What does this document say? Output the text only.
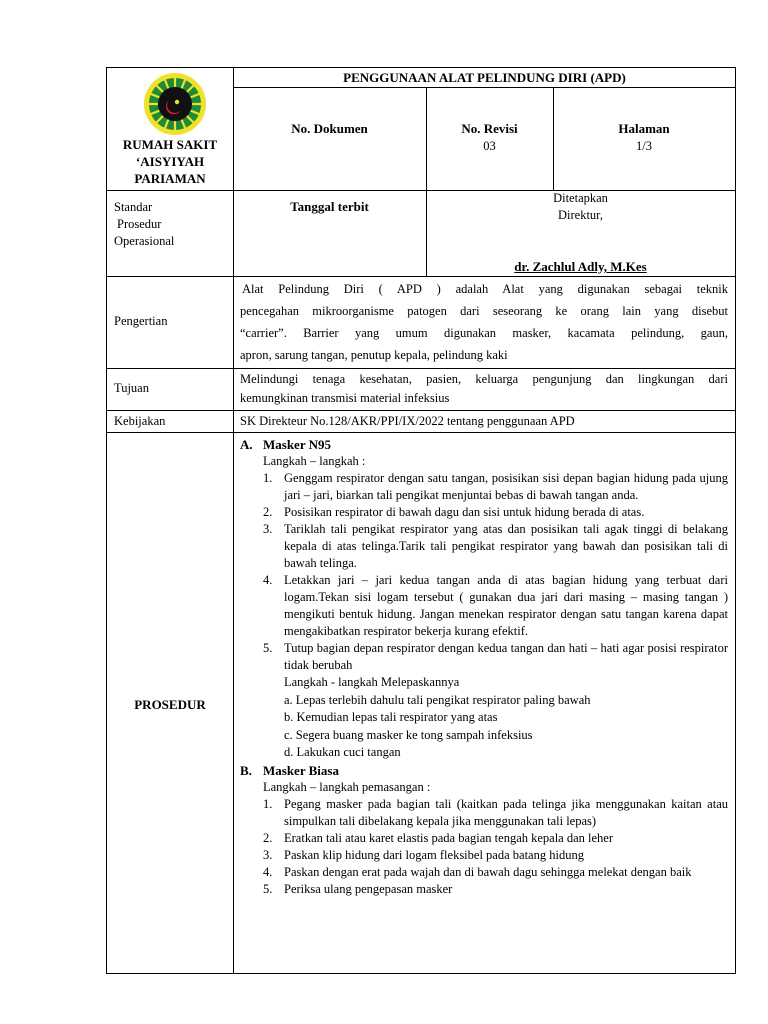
RUMAH SAKIT
‘AISYIYAH
PARIAMAN
PENGGUNAAN ALAT PELINDUNG DIRI (APD)
No. Dokumen	No. Revisi
03
Halaman
1/3
Standar
Prosedur
Operasional
Tanggal terbit
Ditetapkan
Direktur,
dr. Zachlul Adly, M.Kes
Pengertian
Alat Pelindung Diri ( APD ) adalah Alat yang digunakan sebagai teknik
pencegahan mikroorganisme patogen dari seseorang ke orang lain yang disebut
“carrier”. Barrier yang umum digunakan masker, kacamata pelindung, gaun,
apron, sarung tangan, penutup kepala, pelindung kaki
Tujuan
Melindungi tenaga kesehatan, pasien, keluarga pengunjung dan lingkungan dari
kemungkinan transmisi material infeksius
Kebijakan	SK Direkteur No.128/AKR/PPI/IX/2022 tentang penggunaan APD
PROSEDUR
A. Masker N95
Langkah – langkah :
1. Genggam respirator dengan satu tangan, posisikan sisi depan bagian hidung pada ujung jari – jari, biarkan tali pengikat menjuntai bebas di bawah tangan anda.
2. Posisikan respirator di bawah dagu dan sisi untuk hidung berada di atas.
3. Tariklah tali pengikat respirator yang atas dan posisikan tali agak tinggi di belakang kepala di atas telinga.Tarik tali pengikat respirator yang bawah dan posisikan tali di bawah telinga.
4. Letakkan jari – jari kedua tangan anda di atas bagian hidung yang terbuat dari logam.Tekan sisi logam tersebut ( gunakan dua jari dari masing – masing tangan ) mengikuti bentuk hidung. Jangan menekan respirator dengan satu tangan karena dapat mengakibatkan respirator bekerja kurang efektif.
5. Tutup bagian depan respirator dengan kedua tangan dan hati – hati agar posisi respirator tidak berubah
Langkah - langkah Melepaskannya
a. Lepas terlebih dahulu tali pengikat respirator paling bawah
b. Kemudian lepas tali respirator yang atas
c. Segera buang masker ke tong sampah infeksius
d. Lakukan cuci tangan
B. Masker Biasa
Langkah – langkah pemasangan :
1. Pegang masker pada bagian tali (kaitkan pada telinga jika menggunakan kaitan atau simpulkan tali dibelakang kepala jika menggunakan tali lepas)
2. Eratkan tali atau karet elastis pada bagian tengah kepala dan leher
3. Paskan klip hidung dari logam fleksibel pada batang hidung
4. Paskan dengan erat pada wajah dan di bawah dagu sehingga melekat dengan baik
5. Periksa ulang pengepasan masker
